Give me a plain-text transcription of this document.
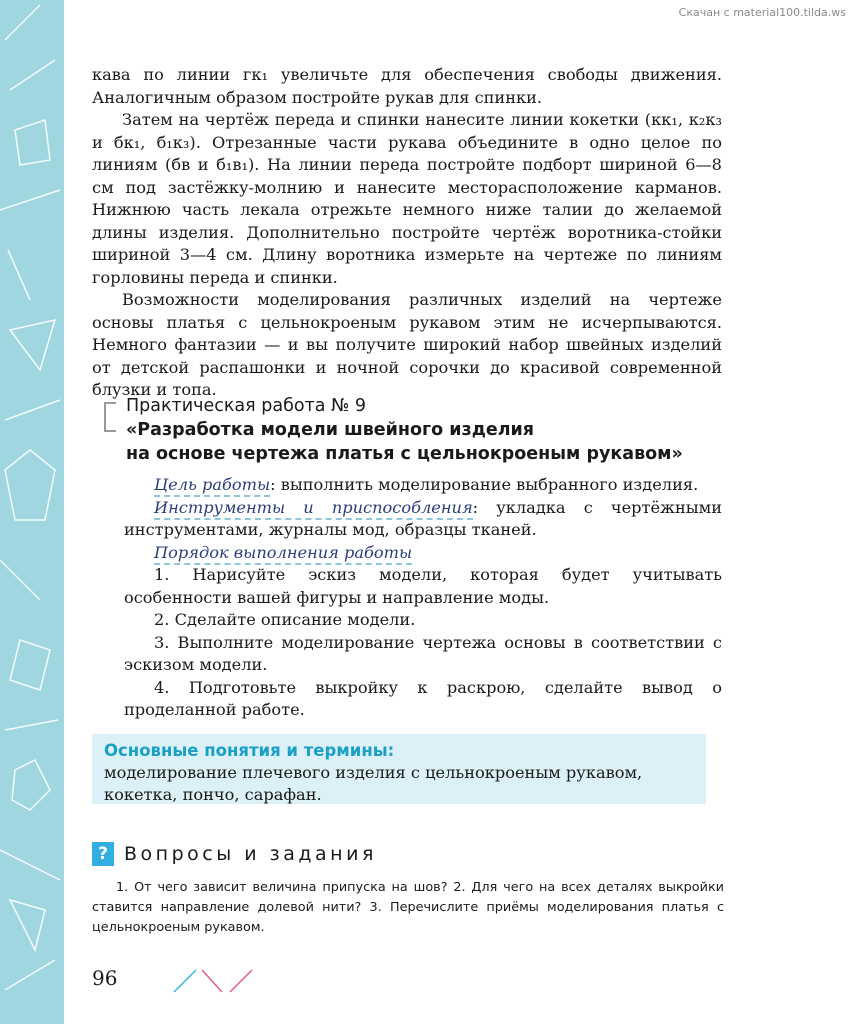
Скачан с material100.tilda.ws

кава по линии гк₁ увеличьте для обеспечения свободы движения. Аналогичным образом постройте рукав для спинки.

Затем на чертёж переда и спинки нанесите линии кокетки (кк₁, к₂к₃ и бк₁, б₁к₃). Отрезанные части рукава объедините в одно целое по линиям (бв и б₁в₁). На линии переда постройте подборт шириной 6—8 см под застёжку-молнию и нанесите месторасположение карманов. Нижнюю часть лекала отрежьте немного ниже талии до желаемой длины изделия. Дополнительно постройте чертёж воротника-стойки шириной 3—4 см. Длину воротника измерьте на чертеже по линиям горловины переда и спинки.

Возможности моделирования различных изделий на чертеже основы платья с цельнокроеным рукавом этим не исчерпываются. Немного фантазии — и вы получите широкий набор швейных изделий от детской распашонки и ночной сорочки до красивой современной блузки и топа.

Практическая работа № 9
«Разработка модели швейного изделия
на основе чертежа платья с цельнокроеным рукавом»

Цель работы: выполнить моделирование выбранного изделия.

Инструменты и приспособления: укладка с чертёжными инструментами, журналы мод, образцы тканей.

Порядок выполнения работы

1. Нарисуйте эскиз модели, которая будет учитывать особенности вашей фигуры и направление моды.

2. Сделайте описание модели.

3. Выполните моделирование чертежа основы в соответствии с эскизом модели.

4. Подготовьте выкройку к раскрою, сделайте вывод о проделанной работе.

Основные понятия и термины:
моделирование плечевого изделия с цельнокроеным рукавом, кокетка, пончо, сарафан.
? Вопросы и задания

1. От чего зависит величина припуска на шов? 2. Для чего на всех деталях выкройки ставится направление долевой нити? 3. Перечислите приёмы моделирования платья с цельнокроеным рукавом.

96
